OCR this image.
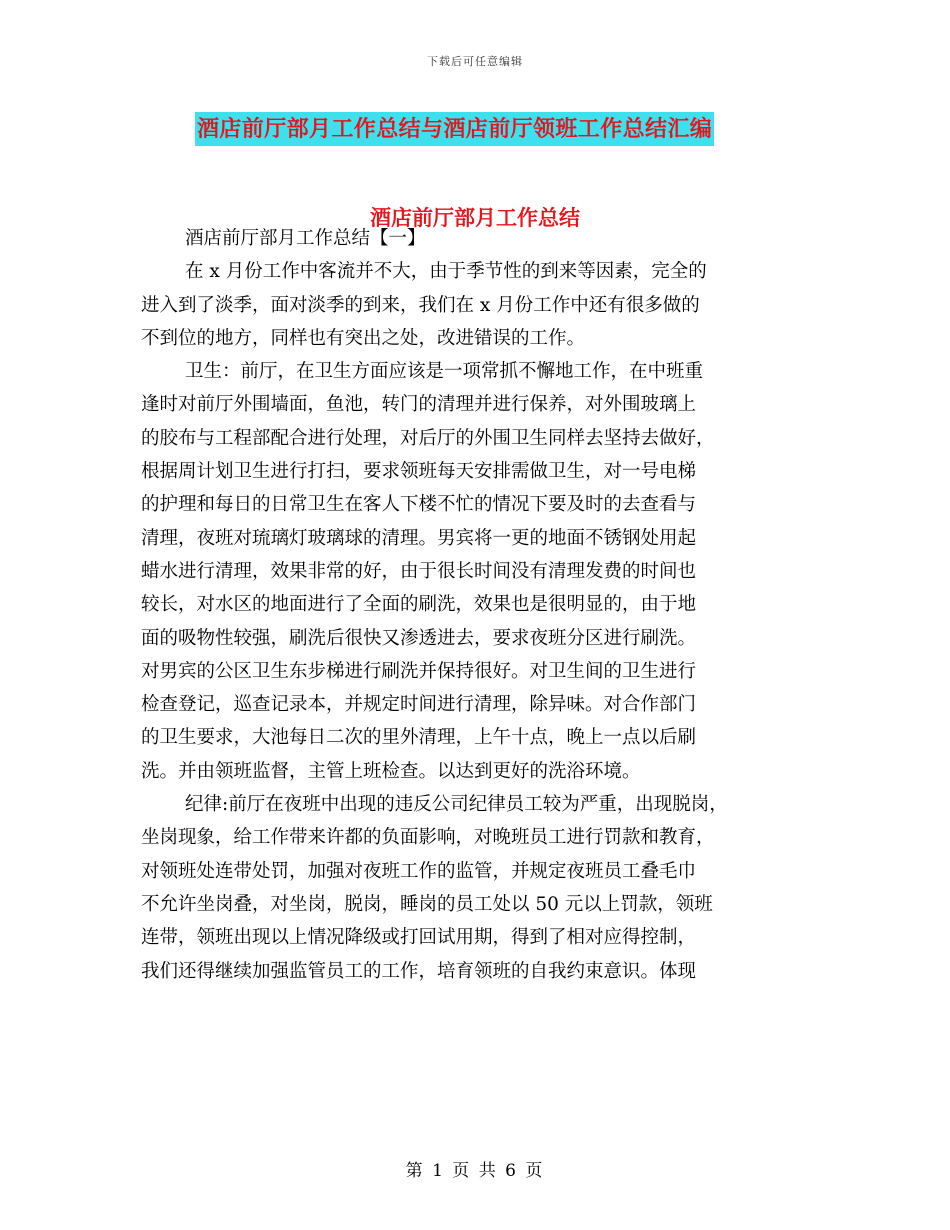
下载后可任意编辑
酒店前厅部月工作总结与酒店前厅领班工作总结汇编
酒店前厅部月工作总结

酒店前厅部月工作总结【一】

在 x 月份工作中客流并不大，由于季节性的到来等因素，完全的
进入到了淡季，面对淡季的到来，我们在 x 月份工作中还有很多做的
不到位的地方，同样也有突出之处，改进错误的工作。

卫生：前厅，在卫生方面应该是一项常抓不懈地工作，在中班重
逢时对前厅外围墙面，鱼池，转门的清理并进行保养，对外围玻璃上
的胶布与工程部配合进行处理，对后厅的外围卫生同样去坚持去做好，
根据周计划卫生进行打扫，要求领班每天安排需做卫生，对一号电梯
的护理和每日的日常卫生在客人下楼不忙的情况下要及时的去查看与
清理，夜班对琉璃灯玻璃球的清理。男宾将一更的地面不锈钢处用起
蜡水进行清理，效果非常的好，由于很长时间没有清理发费的时间也
较长，对水区的地面进行了全面的刷洗，效果也是很明显的，由于地
面的吸物性较强，刷洗后很快又渗透进去，要求夜班分区进行刷洗。
对男宾的公区卫生东步梯进行刷洗并保持很好。对卫生间的卫生进行
检查登记，巡查记录本，并规定时间进行清理，除异味。对合作部门
的卫生要求，大池每日二次的里外清理，上午十点，晚上一点以后刷
洗。并由领班监督，主管上班检查。以达到更好的洗浴环境。

纪律:前厅在夜班中出现的违反公司纪律员工较为严重，出现脱岗，
坐岗现象，给工作带来许都的负面影响，对晚班员工进行罚款和教育，
对领班处连带处罚，加强对夜班工作的监管，并规定夜班员工叠毛巾
不允许坐岗叠，对坐岗，脱岗，睡岗的员工处以 50 元以上罚款，领班
连带，领班出现以上情况降级或打回试用期，得到了相对应得控制，
我们还得继续加强监管员工的工作，培育领班的自我约束意识。体现

第 1 页 共 6 页
